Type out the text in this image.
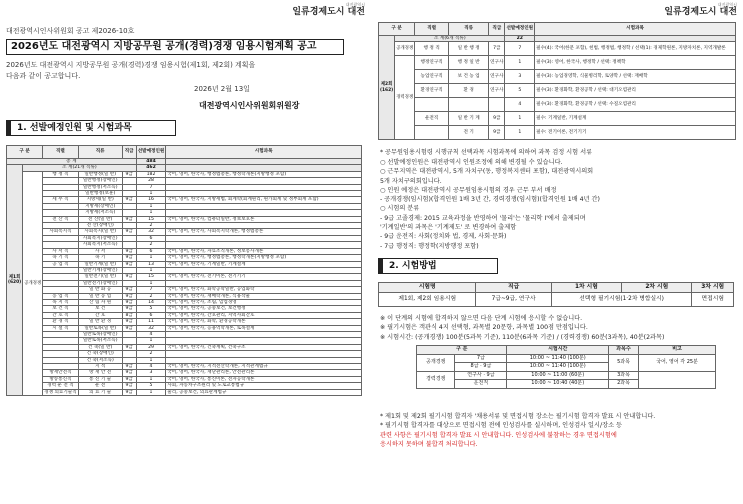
대전광역시
일류경제도시 대전
대전광역시인사위원회 공고 제2026-10호
2026년도 대전광역시 지방공무원 공개(경력)경쟁 임용시험계획 공고
2026년도 대전광역시 지방공무원 공개(경력)경쟁 임용시험(제1회, 제2회) 계획을
다음과 같이 공고합니다.
2026년 2월 13일
대전광역시인사위원회위원장
1. 선발예정인원 및 시험과목
구 분		직렬	직류	직급	선발예정인원	시험과목
총 계					484	
제1회
(620)	소 계(21개 직류)				462	
	공개경쟁	행 정 직	일반행정(일 반)	9급	182	국어, 영어, 한국사, 행정법총론, 행정학개론(지방행정 포함)
			일반행정(장애인)		28	
			일반행정(저소득)		7	
			일반행정(보훈)		1	
		세 무 직	지방세(일 반)	9급	16	국어, 영어, 한국사, 지방세법, 회계학(회계원리, 원가회계 및 정부회계 포함)
			지방세(장애인)		1	
			지방세(저소득)		1	
		전 산 직	전 산(일 반)	9급	15	국어, 영어, 한국사, 컴퓨터일반, 정보보호론
			전 산(장애인)		2	
		사회복지직	사회복지(일 반)	9급	32	국어, 영어, 한국사, 사회복지학개론, 행정법총론
			사회복지(장애인)		6	
			사회복지(저소득)		2	
		사 서 직	사 서	9급	6	국어, 영어, 한국사, 자료조직개론, 정보봉사개론
		속 기 직	속 기	9급	1	국어, 영어, 한국사, 행정법총론, 행정학개론(지방행정 포함)
		공 업 직	일반기계(일 반)	9급	13	국어, 영어, 한국사, 기계일반, 기계설계
			일반기계(장애인)		1	
			일반전기(일 반)	9급	15	국어, 영어, 한국사, 전기이론, 전기기기
			일반전기(장애인)		1	
			일 반 화 공	9급	7	국어, 영어, 한국사, 화학공학일반, 공업화학
		농 업 직	일 반 농 업	9급	2	국어, 영어, 한국사, 재배학개론, 식용작물
		녹 지 직	산 림 자 원	9급	14	국어, 영어, 한국사, 조림, 임업경영
		보 건 직	보 건	9급	5	국어, 영어, 한국사, 공중보건, 보건행정
		간 호 직	간 호	8급	6	국어, 영어, 한국사, 간호관리, 지역사회간호
		환 경 직	일 반 환 경	9급	11	국어, 영어, 한국사, 화학, 환경공학개론
		시 설 직	일반토목(일 반)	9급	32	국어, 영어, 한국사, 응용역학개론, 토목설계
			일반토목(장애인)		4	
			일반토목(저소득)		1	
			건 축(일 반)	9급	29	국어, 영어, 한국사, 건축계획, 건축구조
			건 축(장애인)		2	
			건 축(저소득)		1	
			지 적	9급	4	국어, 영어, 한국사, 지적전산학개론, 지적관계법규
		방재안전직	방 재 안 전	9급	3	국어, 영어, 한국사, 재난관리론, 안전관리론
		방송통신직	통 신 기 술	9급	1	국어, 영어, 한국사, 통신이론, 전자공학개론
		경력 운 전 직	운 전	9급	5	사회, 자동차구조원리 및 도로교통법규
		경쟁 의료기술직	의 료 기 술	9급	1	물리, 공중보건, 의료관계법규
대전광역시
일류경제도시 대전
구 분		직렬	직류	직급	선발예정인원	시험과목
제2회
(162)	소 계(6개 직류)				22	
	공개경쟁	행 정 직	일 반 행 정	7급	7	필수(4): 국어(한문 포함), 헌법, 행정법, 행정학 / 선택(1): 경제학원론, 지방자치론, 지역개발론
	경력경쟁	행정연구직	행 정 일 반	연구사	1	필수(3): 영어, 한국사, 행정학 / 선택: 정책학
		농업연구직	보 건 농 업	연구사	3	필수(3): 농업경영학, 식물병리학, 토양학 / 선택: 재배학
		환경연구직	환 경	연구사	5	필수(3): 환경화학, 환경공학 / 선택: 대기오염관리
					4	필수(3): 환경화학, 환경공학 / 선택: 수질오염관리
		운전직	일 반 기 계	9급	1	필수: 기계일반, 기계설계
			전 기	9급	1	필수: 전기이론, 전기기기
* 공무원임용시험령 시행규칙 선택과목 시험과목에 의하여 과목 검정 시험 서류
○ 선발예정인원은 대전광역시 인원조정에 의해 변경될 수 있습니다.
○ 근무지역은 대전광역시, 5개 자치구(동, 행정복지센터 포함), 대전광역시의회
5개 자치구의회입니다.
○ 인원 예정은 대전광역시 공무원임용시험의 경우 근무 부서 배정
- 공개경쟁(임시험)(합격인원 1배 3년 간, 경력경쟁(임시험)(합격인원 1배 4년 간)
○ 시험의 분류
- 9급 고졸경제: 2015 교육과정을 반영하여 '물리'는 '물리학 I'에서 출제되며
'기계일반'의 과목은 '기계제도' 로 변경하여 출제함
- 9급 운전직: 사회(정치와 법, 경제, 사회·문화)
- 7급 행정직: 행정학(지방행정 포함)
2. 시험방법
시험명	직급	1차 시험	2차 시험	3차 시험
제1회, 제2회 임용시험	7급~9급, 연구사	선택형 필기시험(1·2차 병합실시)		면접시험
※ 이 단계의 시험에 합격하지 않으면 다음 단계 시험에 응시할 수 없습니다.
※ 필기시험은 객관식 4지 선택형, 과목별 20문항, 과목별 100점 만점입니다.
※ 시험시간: (공개경쟁) 100분(5과목 기준), 110분(6과목 기준) / (경력경쟁) 60분(3과목), 40분(2과목)
구 분		시험시간	과목수	비고
공개경쟁	7급	10:00 ~ 11:40 (100분)	5과목	국어, 영어 각 25분
	8급 · 9급	10:00 ~ 11:40 (100분)		
경력경쟁	연구사 · 9급	10:00 ~ 11:00 (60분)	3과목	
	운전직	10:00 ~ 10:40 (40분)	2과목	
* 제1회 및 제2회 필기시험 합격자 '채용서류 및 면접시험 장소는 필기시험 합격자 발표 시 안내합니다.
* 필기시험 합격자를 대상으로 면접시험 전에 인성검사를 실시하며, 인성검사 일시/장소 등
관련 사항은 필기시험 합격자 발표 시 안내합니다. 인성검사에 불참하는 경우 면접시험에
응시하지 못하며 불합격 처리합니다.
